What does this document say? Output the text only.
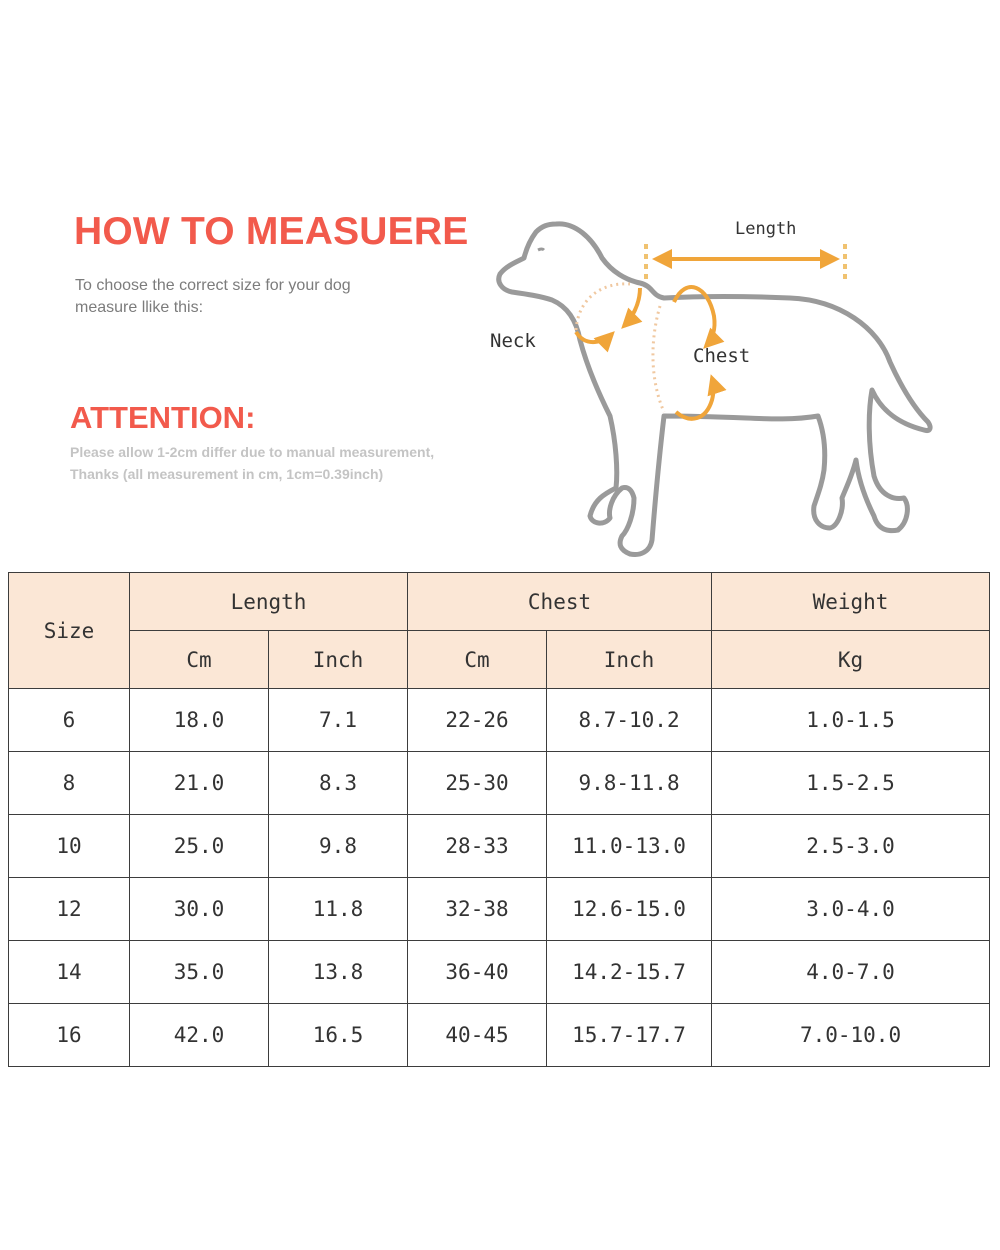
HOW TO MEASUERE

To choose the correct size for your dog
measure llike this:

ATTENTION:

Please allow 1-2cm differ due to manual measurement,
Thanks (all measurement in cm, 1cm=0.39inch)

Length
Neck
Chest
Size	Length		Chest		Weight
	Cm	Inch	Cm	Inch	Kg
6	18.0	7.1	22-26	8.7-10.2	1.0-1.5
8	21.0	8.3	25-30	9.8-11.8	1.5-2.5
10	25.0	9.8	28-33	11.0-13.0	2.5-3.0
12	30.0	11.8	32-38	12.6-15.0	3.0-4.0
14	35.0	13.8	36-40	14.2-15.7	4.0-7.0
16	42.0	16.5	40-45	15.7-17.7	7.0-10.0
